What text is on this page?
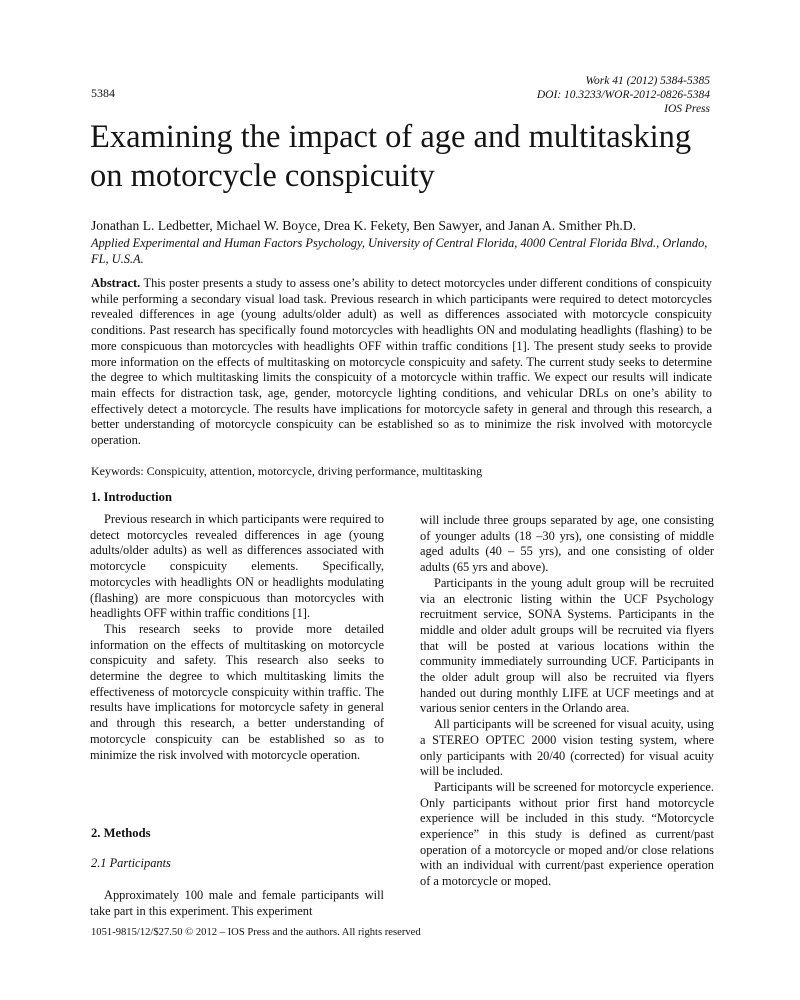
5384
Work 41 (2012) 5384-5385
DOI: 10.3233/WOR-2012-0826-5384
IOS Press
Examining the impact of age and multitasking on motorcycle conspicuity
Jonathan L. Ledbetter, Michael W. Boyce, Drea K. Fekety, Ben Sawyer, and Janan A. Smither Ph.D.
Applied Experimental and Human Factors Psychology, University of Central Florida, 4000 Central Florida Blvd., Orlando, FL, U.S.A.

Abstract. This poster presents a study to assess one’s ability to detect motorcycles under different conditions of conspicuity while performing a secondary visual load task. Previous research in which participants were required to detect motorcycles revealed differences in age (young adults/older adult) as well as differences associated with motorcycle conspicuity conditions. Past research has specifically found motorcycles with headlights ON and modulating headlights (flashing) to be more conspicuous than motorcycles with headlights OFF within traffic conditions [1]. The present study seeks to provide more information on the effects of multitasking on motorcycle conspicuity and safety. The current study seeks to determine the degree to which multitasking limits the conspicuity of a motorcycle within traffic. We expect our results will indicate main effects for distraction task, age, gender, motorcycle lighting conditions, and vehicular DRLs on one’s ability to effectively detect a motorcycle. The results have implications for motorcycle safety in general and through this research, a better understanding of motorcycle conspicuity can be established so as to minimize the risk involved with motorcycle operation.

Keywords: Conspicuity, attention, motorcycle, driving performance, multitasking
1. Introduction

Previous research in which participants were required to detect motorcycles revealed differences in age (young adults/older adults) as well as differences associated with motorcycle conspicuity elements. Specifically, motorcycles with headlights ON or headlights modulating (flashing) are more conspicuous than motorcycles with headlights OFF within traffic conditions [1].

This research seeks to provide more detailed information on the effects of multitasking on motorcycle conspicuity and safety. This research also seeks to determine the degree to which multitasking limits the effectiveness of motorcycle conspicuity within traffic. The results have implications for motorcycle safety in general and through this research, a better understanding of motorcycle conspicuity can be established so as to minimize the risk involved with motorcycle operation.

2. Methods
2.1 Participants

Approximately 100 male and female participants will take part in this experiment. This experiment

will include three groups separated by age, one consisting of younger adults (18 –30 yrs), one consisting of middle aged adults (40 – 55 yrs), and one consisting of older adults (65 yrs and above).

Participants in the young adult group will be recruited via an electronic listing within the UCF Psychology recruitment service, SONA Systems. Participants in the middle and older adult groups will be recruited via flyers that will be posted at various locations within the community immediately surrounding UCF. Participants in the older adult group will also be recruited via flyers handed out during monthly LIFE at UCF meetings and at various senior centers in the Orlando area.

All participants will be screened for visual acuity, using a STEREO OPTEC 2000 vision testing system, where only participants with 20/40 (corrected) for visual acuity will be included.

Participants will be screened for motorcycle experience. Only participants without prior first hand motorcycle experience will be included in this study. “Motorcycle experience” in this study is defined as current/past operation of a motorcycle or moped and/or close relations with an individual with current/past experience operation of a motorcycle or moped.

1051-9815/12/$27.50 © 2012 – IOS Press and the authors. All rights reserved
